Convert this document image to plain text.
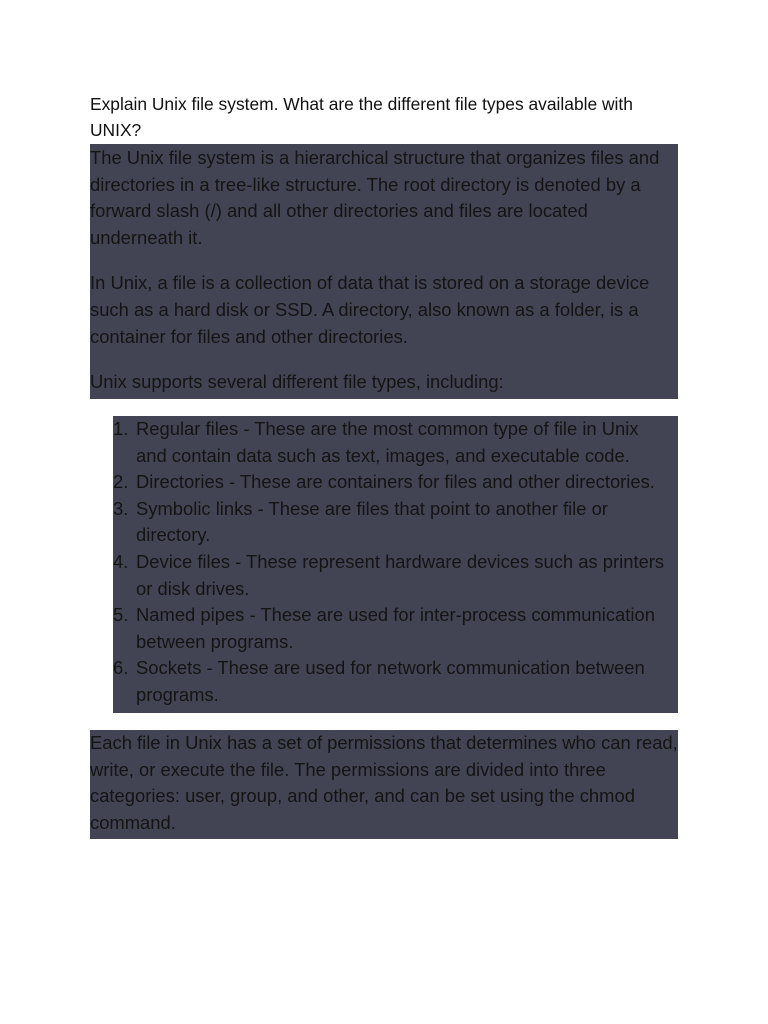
Explain Unix file system. What are the different file types available with UNIX?

The Unix file system is a hierarchical structure that organizes files and directories in a tree-like structure. The root directory is denoted by a forward slash (/) and all other directories and files are located underneath it.

In Unix, a file is a collection of data that is stored on a storage device such as a hard disk or SSD. A directory, also known as a folder, is a container for files and other directories.

Unix supports several different file types, including:

1. Regular files - These are the most common type of file in Unix and contain data such as text, images, and executable code.
2. Directories - These are containers for files and other directories.
3. Symbolic links - These are files that point to another file or directory.
4. Device files - These represent hardware devices such as printers or disk drives.
5. Named pipes - These are used for inter-process communication between programs.
6. Sockets - These are used for network communication between programs.

Each file in Unix has a set of permissions that determines who can read, write, or execute the file. The permissions are divided into three categories: user, group, and other, and can be set using the chmod command.
